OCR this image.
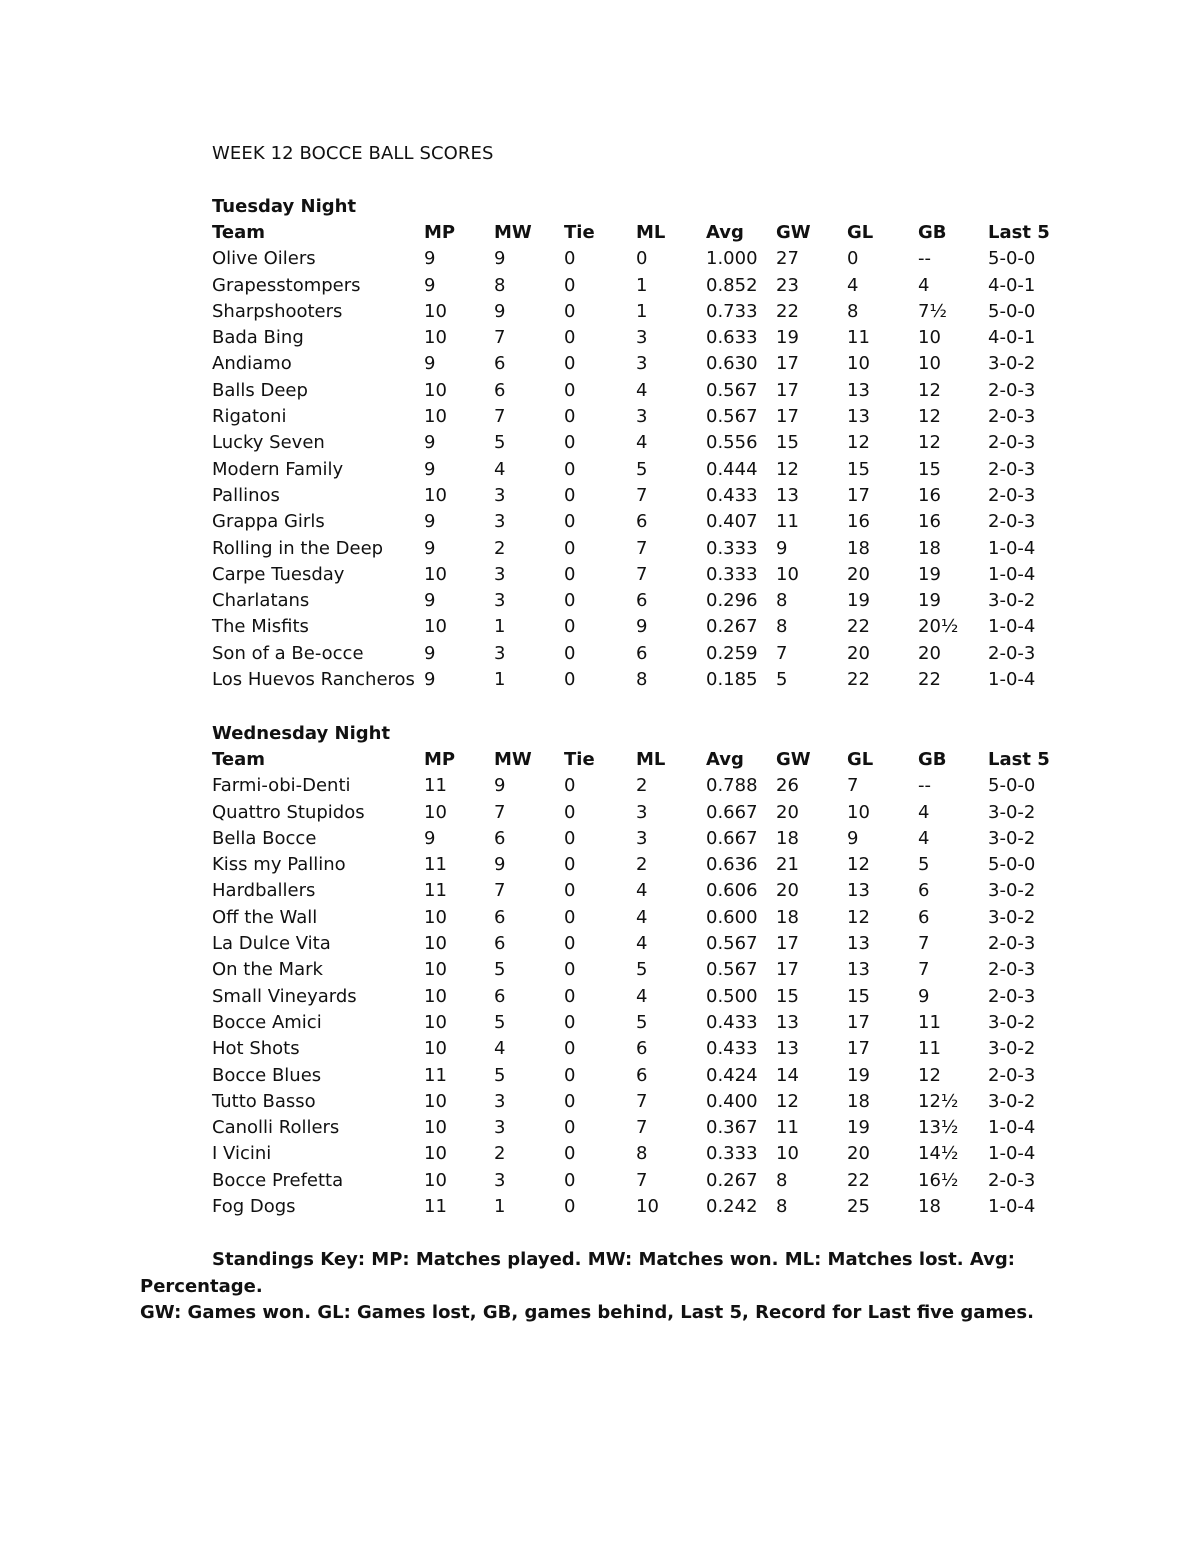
WEEK 12 BOCCE BALL SCORES
Tuesday Night
Team	MP MW Tie ML Avg GW GL GB Last 5
Olive Oilers	9	9	0	0	1.000 27	0	--	5-0-0
Grapesstompers	9	8	0	1	0.852 23	4	4	4-0-1
Sharpshooters	10	9	0	1	0.733 22	8	7½ 5-0-0
Bada Bing	10	7	0	3	0.633 19	11	10	4-0-1
Andiamo	9	6	0	3	0.630 17	10	10	3-0-2
Balls Deep	10	6	0	4	0.567 17	13	12	2-0-3
Rigatoni	10	7	0	3	0.567 17	13	12	2-0-3
Lucky Seven	9	5	0	4	0.556 15	12	12	2-0-3
Modern Family	9	4	0	5	0.444 12	15	15	2-0-3
Pallinos	10	3	0	7	0.433 13	17	16	2-0-3
Grappa Girls	9	3	0	6	0.407 11	16	16	2-0-3
Rolling in the Deep 9	2	0	7	0.333 9	18	18	1-0-4
Carpe Tuesday	10	3	0	7	0.333 10	20	19	1-0-4
Charlatans	9	3	0	6	0.296 8	19	19	3-0-2
The Misfits	10	1	0	9	0.267 8	22	20½ 1-0-4
Son of a Be-occe	9	3	0	6	0.259 7	20	20	2-0-3
Los Huevos Rancheros 9	1	0	8	0.185 5	22	22	1-0-4
Wednesday Night
Team	MP MW Tie ML Avg GW GL GB Last 5
Farmi-obi-Denti	11	9	0	2	0.788 26	7	--	5-0-0
Quattro Stupidos	10	7	0	3	0.667 20	10	4	3-0-2
Bella Bocce	9	6	0	3	0.667 18	9	4	3-0-2
Kiss my Pallino	11	9	0	2	0.636 21	12	5	5-0-0
Hardballers	11	7	0	4	0.606 20	13	6	3-0-2
Off the Wall	10	6	0	4	0.600 18	12	6	3-0-2
La Dulce Vita	10	6	0	4	0.567 17	13	7	2-0-3
On the Mark	10	5	0	5	0.567 17	13	7	2-0-3
Small Vineyards	10	6	0	4	0.500 15	15	9	2-0-3
Bocce Amici	10	5	0	5	0.433 13	17	11	3-0-2
Hot Shots	10	4	0	6	0.433 13	17	11	3-0-2
Bocce Blues	11	5	0	6	0.424 14	19	12	2-0-3
Tutto Basso	10	3	0	7	0.400 12	18	12½ 3-0-2
Canolli Rollers	10	3	0	7	0.367 11	19	13½ 1-0-4
I Vicini	10	2	0	8	0.333 10	20	14½ 1-0-4
Bocce Prefetta	10	3	0	7	0.267 8	22	16½ 2-0-3
Fog Dogs	11	1	0	10	0.242 8	25	18	1-0-4
Standings Key: MP: Matches played. MW: Matches won. ML: Matches lost. Avg: Percentage.
GW: Games won. GL: Games lost, GB, games behind, Last 5, Record for Last five games.
